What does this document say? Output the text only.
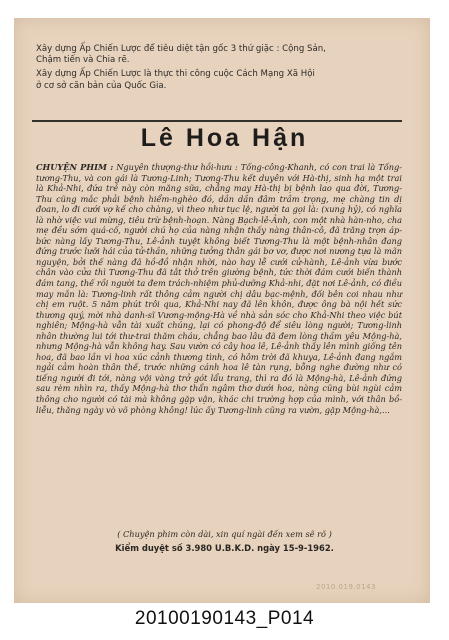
Xây dựng Ấp Chiến Lược để tiêu diệt tận gốc 3 thứ giặc : Cộng Sản,

Chậm tiến và Chia rẽ.

Xây dựng Ấp Chiến Lược là thực thi công cuộc Cách Mạng Xã Hội

ở cơ sở căn bản của Quốc Gia.

Lê Hoa Hận
CHUYỆN PHIM : Nguyên thượng-thư hồi-hưu : Tống-công-Khanh, có con trai là Tống-tương-Thu, và con gái là Tương-Linh; Tương-Thu kết duyên với Hà-thị, sinh hạ một trai là Khả-Nhi, đứa trẻ này còn măng sữa, chẳng may Hà-thị bị bệnh lao qua đời, Tương-Thu cũng mắc phải bệnh hiểm-nghèo đó, dần dần đâm trầm trọng, mẹ chàng tin dị đoan, lo đi cưới vợ kế cho chàng, vì theo như tục lệ, người ta gọi là: (xung hỷ), có nghĩa là nhờ việc vui mừng, tiêu trừ bệnh-hoạn. Nàng Bạch-lê-Ảnh, con một nhà hàn-nho, cha mẹ đều sớm quá-cố, người chú họ của nàng nhận thấy nàng thân-cô, đã trăng trợn áp-bức nàng lấy Tương-Thu, Lê-ảnh tuyệt không biết Tương-Thu là một bệnh-nhân đang đứng trước lưỡi hái của tử-thần, những tưởng thân gái bơ vơ, được nơi nương tựa là mãn nguyện, bởi thế nàng đã hồ-đồ nhận nhời, nào hay lễ cưới cử-hành, Lê-ảnh vừa bước chân vào cửa thì Tương-Thu đã tắt thở trên giường bệnh, tức thời đám cưới biến thành đám tang, thế rồi người ta đem trách-nhiệm phủ-dưỡng Khả-nhi, đặt nơi Lê-ảnh, có điều may mắn là: Tương-linh rất thông cảm người chị dâu bạc-mệnh, đối bên coi nhau như chị em ruột. 5 năm phút trôi qua, Khả-Nhi nay đã lên khôn, được ông bà nội hết sức thương quý, mời nhà danh-sĩ Vương-mộng-Hà về nhà sản sóc cho Khả-Nhi theo việc bút nghiên; Mộng-hà vẫn tài xuất chúng, lại có phong-độ để siêu lòng người; Tương-linh nhân thường lui tới thư-trai thăm cháu, chẳng bao lâu đã đem lòng thầm yêu Mộng-hà, nhưng Mộng-hà vẫn không hay. Sau vườn có cây hoa lê, Lê-ảnh thấy lên mình giống tên hoa, đã bao lần vì hoa xúc cảnh thương tình, có hôm trời đã khuya, Lê-ảnh đang ngắm ngải cảm hoàn thân thế, trước những cánh hoa lê tàn rụng, bỗng nghe đường như có tiếng người đi tới, nàng vội vàng trở gót lẩu trang, thì ra đó là Mộng-hà, Lê-ảnh đứng sau rèm nhìn ra, thấy Mộng-hà thơ thẩn ngâm thơ dưới hoa, nàng cũng bùi ngùi cảm thông cho người có tài mà không gặp vận, khác chi trường hợp của mình, với thân bồ-liễu, thăng ngày vò võ phòng không! lúc ấy Tương-linh cũng ra vườn, gặp Mộng-hà,...
( Chuyện phim còn dài, xin quí ngài đến xem sẽ rõ )
Kiểm duyệt số 3.980 U.B.K.D. ngày 15-9-1962.
2010.019.0143
20100190143_P014
